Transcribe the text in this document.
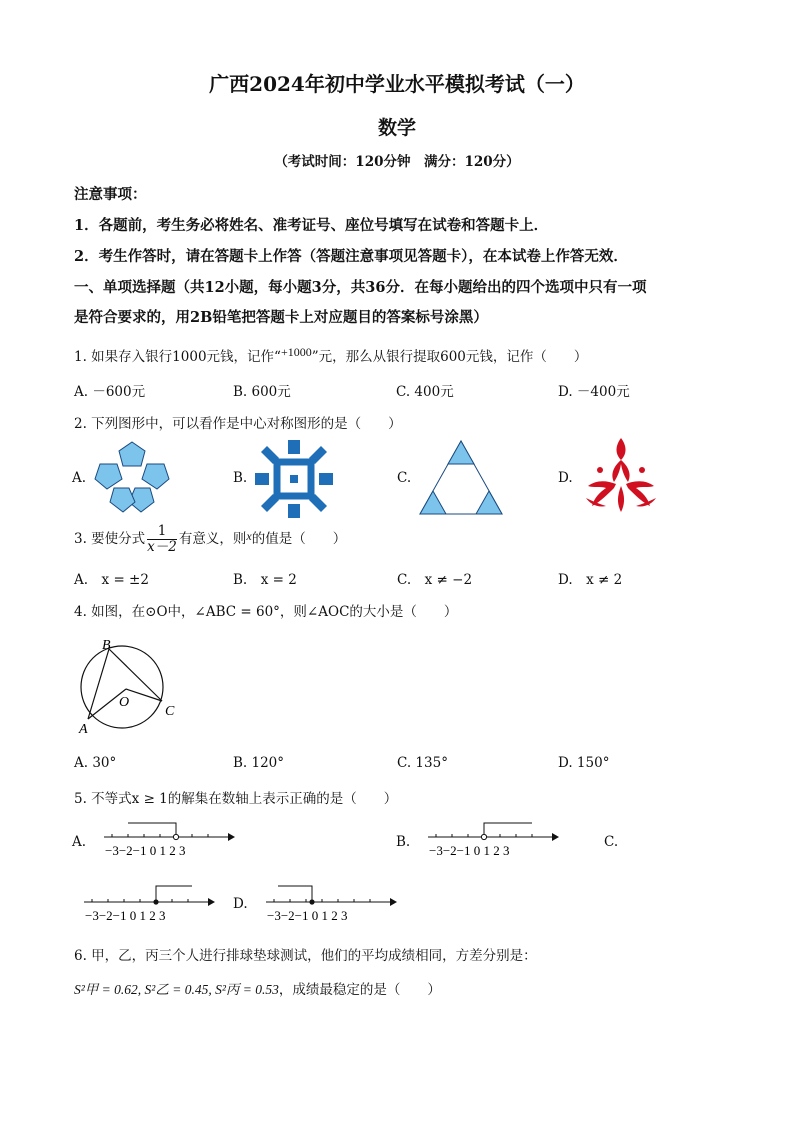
广西2024年初中学业水平模拟考试（一）
数学
（考试时间：120分钟　满分：120分）
注意事项：
1．各题前，考生务必将姓名、准考证号、座位号填写在试卷和答题卡上．
2．考生作答时，请在答题卡上作答（答题注意事项见答题卡），在本试卷上作答无效．
一、单项选择题（共12小题，每小题3分，共36分．在每小题给出的四个选项中只有一项
是符合要求的，用2B铅笔把答题卡上对应题目的答案标号涂黑）
1. 如果存入银行1000元钱，记作“+1000”元，那么从银行提取600元钱，记作（　　）
A. －600元	B. 600元	C. 400元	D. －400元
2. 下列图形中，可以看作是中心对称图形的是（　　）
A.	B.	C.	D.
3. 要使分式 $\frac{1}{x-2}$ 有意义，则x的值是（　　）
A.　x = ±2	B.　x = 2	C.　x ≠ −2	D.　x ≠ 2
4. 如图，在⊙O中，∠ABC = 60°，则∠AOC的大小是（　　）
B
O
C
A
A. 30°	B. 120°	C. 135°	D. 150°
5. 不等式x ≥ 1的解集在数轴上表示正确的是（　　）
A.
−3−2−1 0 1 2 3
B.
−3−2−1 0 1 2 3
C.
−3−2−1 0 1 2 3
D.
−3−2−1 0 1 2 3
6. 甲，乙，丙三个人进行排球垫球测试，他们的平均成绩相同，方差分别是：
S²甲 = 0.62, S²乙 = 0.45, S²丙 = 0.53，成绩最稳定的是（　　）
